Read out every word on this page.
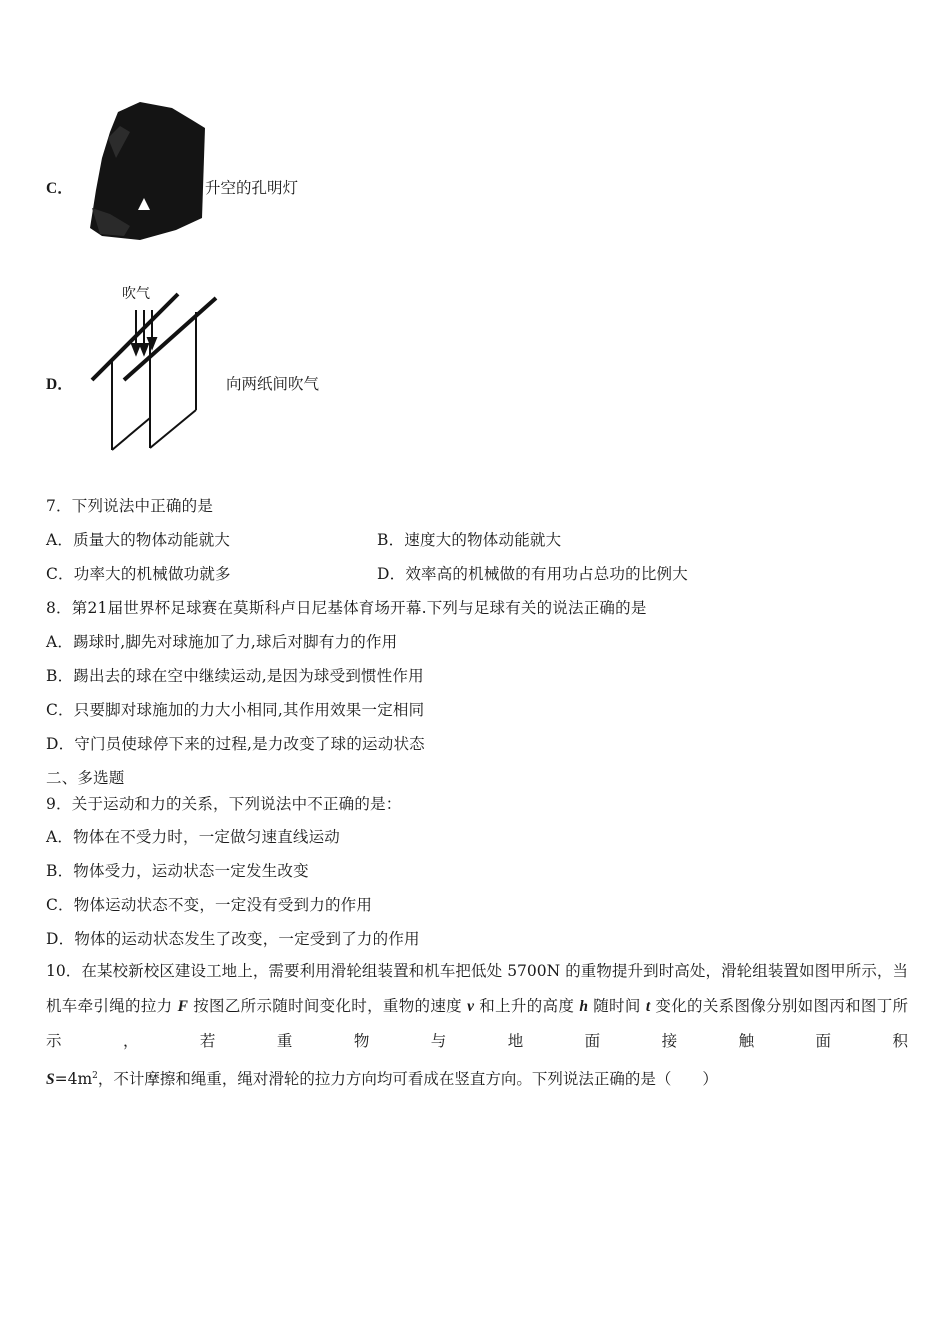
C．	升空的孔明灯
D．
吹气
向两纸间吹气
7．下列说法中正确的是
A．质量大的物体动能就大	B．速度大的物体动能就大
C．功率大的机械做功就多	D．效率高的机械做的有用功占总功的比例大
8．第21届世界杯足球赛在莫斯科卢日尼基体育场开幕.下列与足球有关的说法正确的是
A．踢球时,脚先对球施加了力,球后对脚有力的作用
B．踢出去的球在空中继续运动,是因为球受到惯性作用
C．只要脚对球施加的力大小相同,其作用效果一定相同
D．守门员使球停下来的过程,是力改变了球的运动状态
二、多选题
9．关于运动和力的关系，下列说法中不正确的是：
A．物体在不受力时，一定做匀速直线运动
B．物体受力，运动状态一定发生改变
C．物体运动状态不变，一定没有受到力的作用
D．物体的运动状态发生了改变，一定受到了力的作用
10．在某校新校区建设工地上，需要利用滑轮组装置和机车把低处 5700N 的重物提升到时高处，滑轮组装置如图甲所示，当机车牵引绳的拉力 F 按图乙所示随时间变化时，重物的速度 v 和上升的高度 h 随时间 t 变化的关系图像分别如图丙和图丁所示，若重物与地面接触面积 $S=4m^2$，不计摩擦和绳重，绳对滑轮的拉力方向均可看成在竖直方向。下列说法正确的是（　　）
